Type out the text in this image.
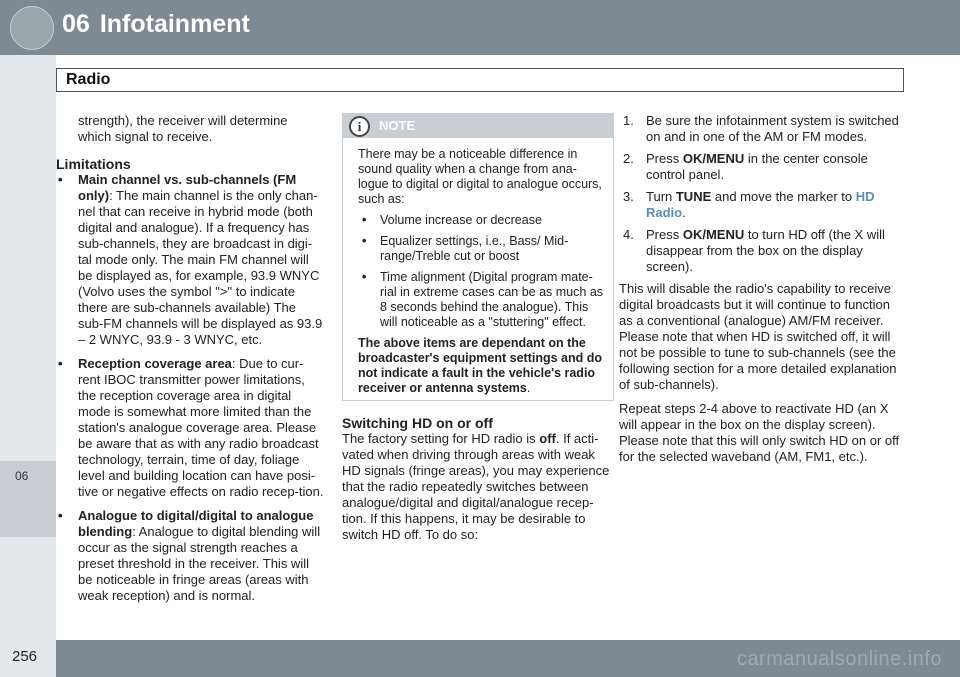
06 Infotainment
Radio
06

strength), the receiver will determine which signal to receive.

Limitations

• Main channel vs. sub-channels (FM only): The main channel is the only chan-nel that can receive in hybrid mode (both digital and analogue). If a frequency has sub-channels, they are broadcast in digi-tal mode only. The main FM channel will be displayed as, for example, 93.9 WNYC (Volvo uses the symbol ">" to indicate there are sub-channels available) The sub-FM channels will be displayed as 93.9 – 2 WNYC, 93.9 - 3 WNYC, etc.
• Reception coverage area: Due to cur-rent IBOC transmitter power limitations, the reception coverage area in digital mode is somewhat more limited than the station's analogue coverage area. Please be aware that as with any radio broadcast technology, terrain, time of day, foliage level and building location can have posi-tive or negative effects on radio recep-tion.
• Analogue to digital/digital to analogue blending: Analogue to digital blending will occur as the signal strength reaches a preset threshold in the receiver. This will be noticeable in fringe areas (areas with weak reception) and is normal.
i	NOTE

There may be a noticeable difference in sound quality when a change from ana-logue to digital or digital to analogue occurs, such as:

• Volume increase or decrease
• Equalizer settings, i.e., Bass/ Mid-range/Treble cut or boost
• Time alignment (Digital program mate-rial in extreme cases can be as much as 8 seconds behind the analogue). This will noticeable as a "stuttering" effect.

The above items are dependant on the broadcaster's equipment settings and do not indicate a fault in the vehicle's radio receiver or antenna systems.

Switching HD on or off

The factory setting for HD radio is off. If acti-vated when driving through areas with weak HD signals (fringe areas), you may experience that the radio repeatedly switches between analogue/digital and digital/analogue recep-tion. If this happens, it may be desirable to switch HD off. To do so:

1. Be sure the infotainment system is switched on and in one of the AM or FM modes.
2. Press OK/MENU in the center console control panel.
3. Turn TUNE and move the marker to HD Radio.
4. Press OK/MENU to turn HD off (the X will disappear from the box on the display screen).

This will disable the radio's capability to receive digital broadcasts but it will continue to function as a conventional (analogue) AM/FM receiver. Please note that when HD is switched off, it will not be possible to tune to sub-channels (see the following section for a more detailed explanation of sub-channels).

Repeat steps 2-4 above to reactivate HD (an X will appear in the box on the display screen). Please note that this will only switch HD on or off for the selected waveband (AM, FM1, etc.).

carmanualsonline.info
256
